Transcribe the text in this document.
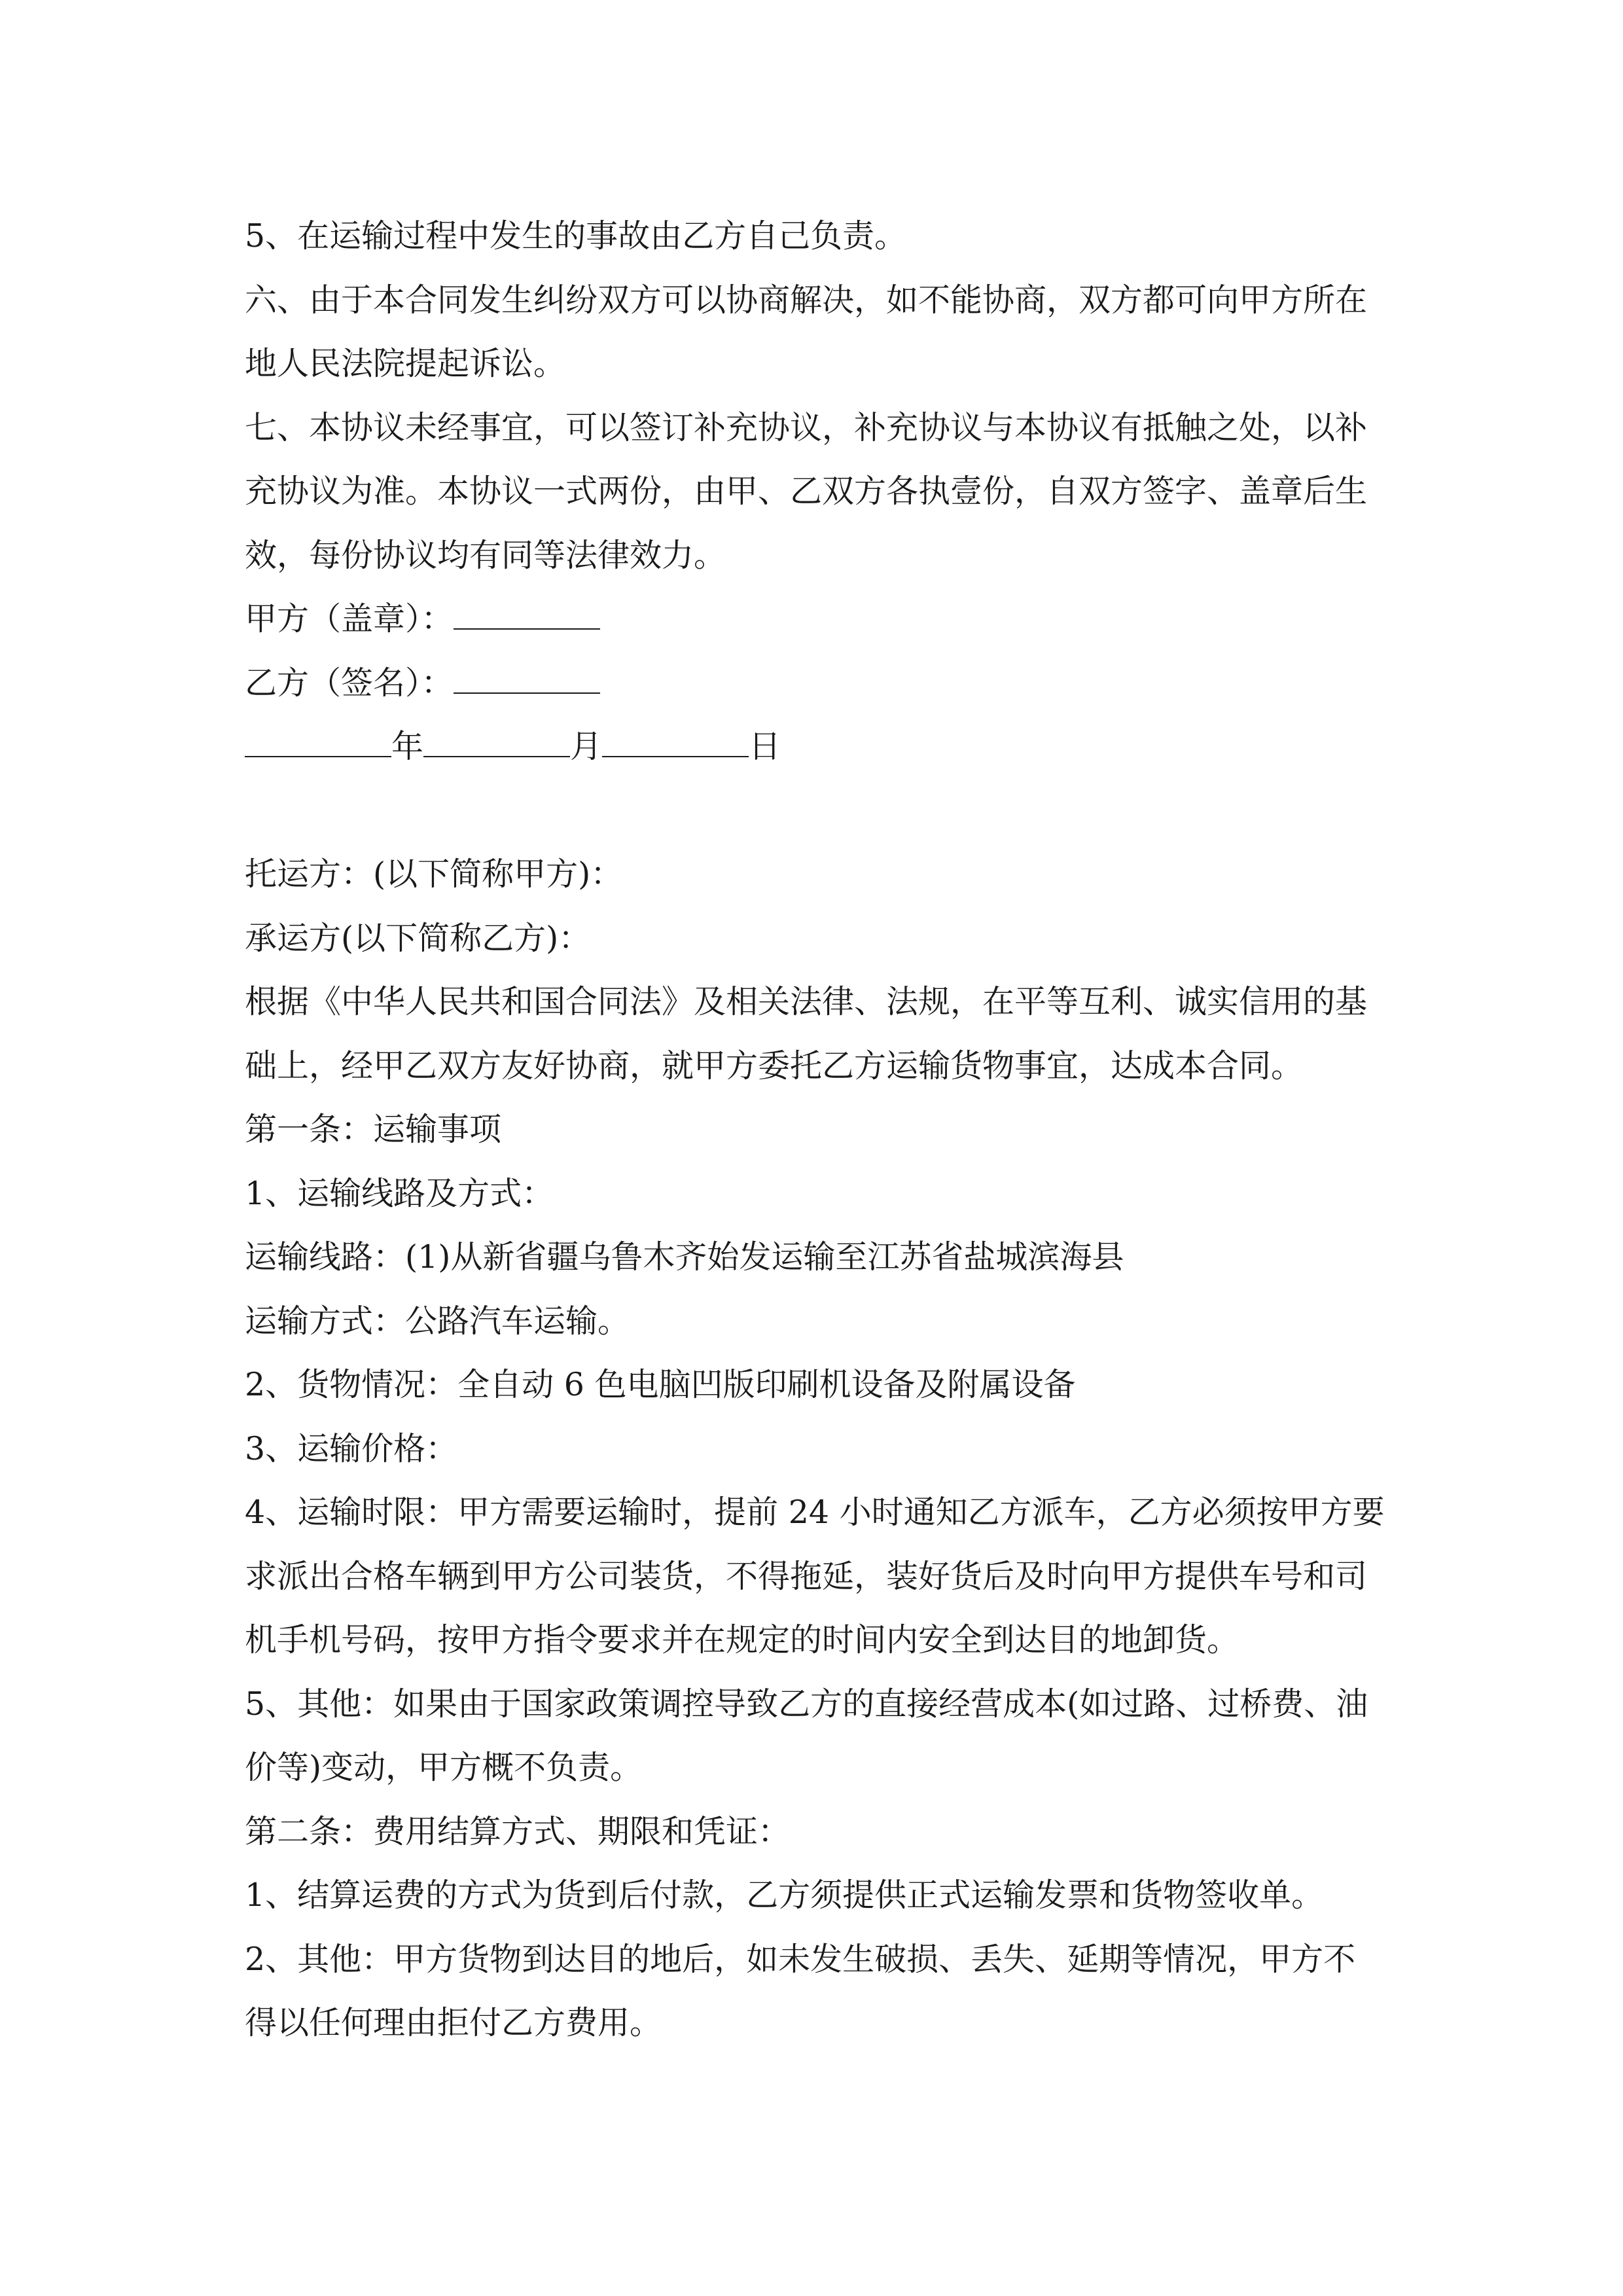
5、在运输过程中发生的事故由乙方自己负责。
六、由于本合同发生纠纷双方可以协商解决，如不能协商，双方都可向甲方所在
地人民法院提起诉讼。
七、本协议未经事宜，可以签订补充协议，补充协议与本协议有抵触之处，以补
充协议为准。本协议一式两份，由甲、乙双方各执壹份，自双方签字、盖章后生
效，每份协议均有同等法律效力。
甲方（盖章）：
乙方（签名）：
年	月	日
托运方：(以下简称甲方)：
承运方(以下简称乙方)：
根据《中华人民共和国合同法》及相关法律、法规，在平等互利、诚实信用的基
础上，经甲乙双方友好协商，就甲方委托乙方运输货物事宜，达成本合同。
第一条：运输事项
1、运输线路及方式：
运输线路：(1)从新省疆乌鲁木齐始发运输至江苏省盐城滨海县
运输方式：公路汽车运输。
2、货物情况：全自动 6 色电脑凹版印刷机设备及附属设备
3、运输价格：
4、运输时限：甲方需要运输时，提前 24 小时通知乙方派车，乙方必须按甲方要
求派出合格车辆到甲方公司装货，不得拖延，装好货后及时向甲方提供车号和司
机手机号码，按甲方指令要求并在规定的时间内安全到达目的地卸货。
5、其他：如果由于国家政策调控导致乙方的直接经营成本(如过路、过桥费、油
价等)变动，甲方概不负责。
第二条：费用结算方式、期限和凭证：
1、结算运费的方式为货到后付款，乙方须提供正式运输发票和货物签收单。
2、其他：甲方货物到达目的地后，如未发生破损、丢失、延期等情况，甲方不
得以任何理由拒付乙方费用。
